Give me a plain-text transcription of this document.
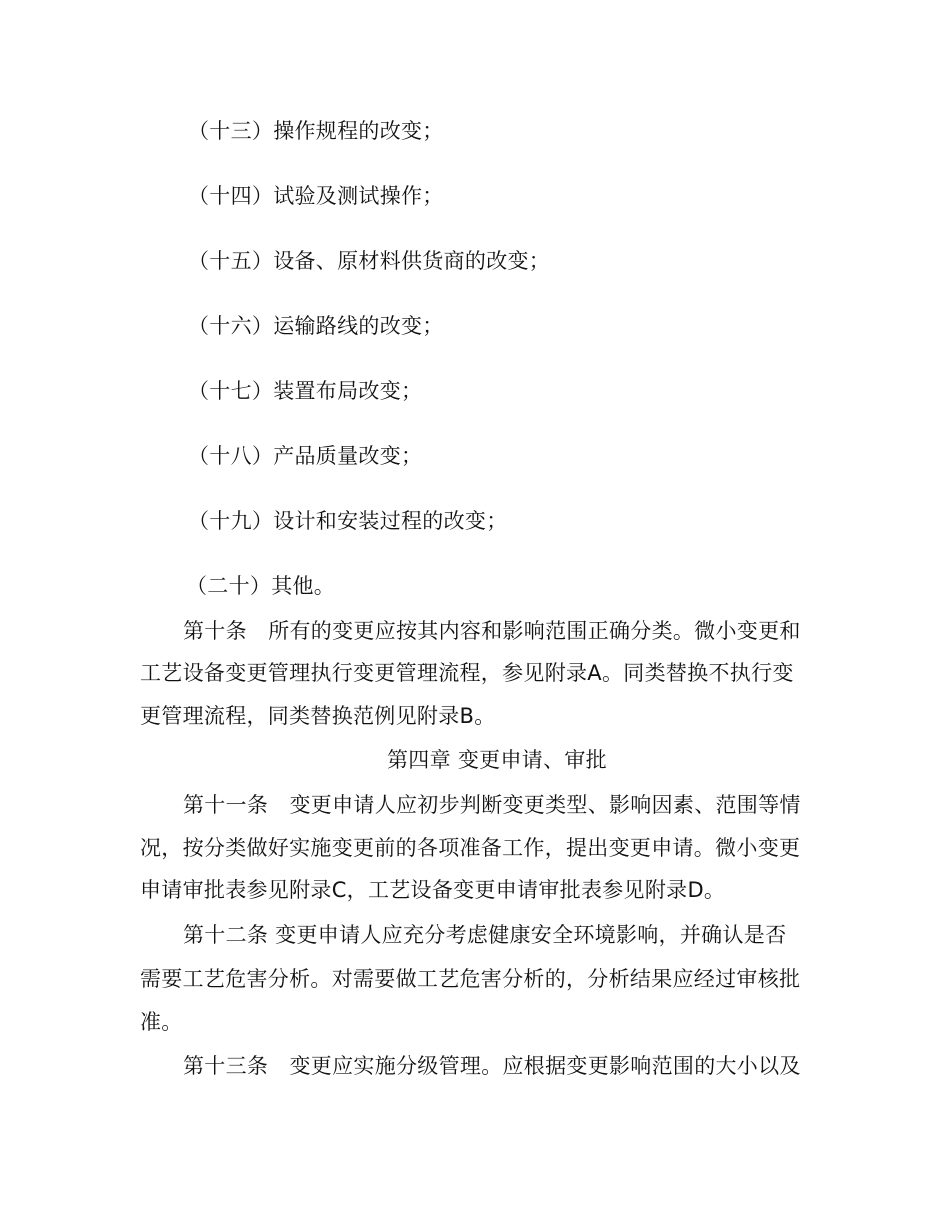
（十三）操作规程的改变；
（十四）试验及测试操作；
（十五）设备、原材料供货商的改变；
（十六）运输路线的改变；
（十七）装置布局改变；
（十八）产品质量改变；
（十九）设计和安装过程的改变；
（二十）其他。
第十条　所有的变更应按其内容和影响范围正确分类。微小变更和
工艺设备变更管理执行变更管理流程，参见附录A。同类替换不执行变
更管理流程，同类替换范例见附录B。
第四章 变更申请、审批
第十一条　变更申请人应初步判断变更类型、影响因素、范围等情
况，按分类做好实施变更前的各项准备工作，提出变更申请。微小变更
申请审批表参见附录C，工艺设备变更申请审批表参见附录D。
第十二条 变更申请人应充分考虑健康安全环境影响，并确认是否
需要工艺危害分析。对需要做工艺危害分析的，分析结果应经过审核批
准。
第十三条　变更应实施分级管理。应根据变更影响范围的大小以及
